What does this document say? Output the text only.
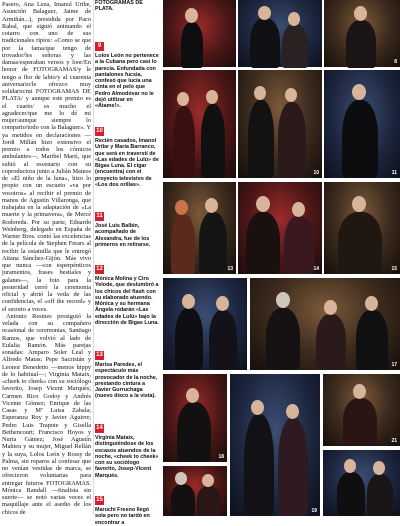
Pasero, Ana Leza, Imanol Uribe, Asunción Balaguer, Jaime de Armiñán...), presidida por Paco Rabal, que siguió animando el cotarro con uno de sus tradicionales ripios: «Como se que por la fama/que tengo de trovador/les señoras y las damas/esperaban versos y loor/En honor de FOTOGRAMAS/y le tengo a flor de labio/y al cuarenta aniversario/le ofrezco muy solidario/mi FOTOGRAMAS DE PLATA/ y aunque este premio es el cuarto/ es mucho el agradecer/que me lo dé mi mujer/aunque siempre lo comparto/todo con la Balaguer». Y ya metidos en declaraciones —Jordi Millán hizo extensivo el premio a todos los cómicos ambulantes—, Maribel Martí, que subió al escenario con su coproductora junto a Julián Mateos de «El niño de la luna», hizo lo propio con un escueto «va por vosotros» al recibir el premio de manos de Agustín Villaronga, que trabajaba en la adaptación de «La muerte y la primavera», de Mercè Rodoreda. Por su parte, Eduardo Weinberg, delegado en España de Warner Bros. contó las excelencias de la película de Stephen Frears al recibir la estatuilla que le entregó Aitana Sánchez-Gijón. Más vivo que nunca —con esperpénticos juramentos, frases bestiales y galanes—, la foto para la posteridad cerró la ceremonia oficial y abrió la veda de las confidencias, el «off the record» y el secreto a voces.

Antonio Resines prosiguió la velada con su compañero ocasional de ceremonias, Santiago Ramos, que volvió al lado de Eulalia Ramón. Más parejas sonadas: Amparo Soler Leal y Alfredo Matas; Pepe Sacristán y Leonor Benedetto —menos hippy de lo habitual—; Virginia Mataix, «cheek to cheek» con su sociólogo favorito, Josep Vicent Marqués; Carmen Rico Godoy y Andrés Vicente Gómez; Enrique de las Casas y Mª Luisa Zabala; Esperanza Roy y Javier Aguirre; Pedro Luis Trapote y Gisella Bethencourt; Francisco Hoyos y Nuria Gámez; José Agustín Mahieu y su mujer, Miguel Rellán y la suya, Lolos León y Rossy de Palma, sin reparos al confesar que no venían vestidas de marca, se ofrecieron voluntarias para entregar futuros FOTOGRAMAS. Mónica Randall —finalista sin suerte— se notó varias veces el maquillaje ante el asedio de los chicos de

FOTOGRAMAS DE PLATA.
9
Lolos León no pertenece a la Cubana pero casi lo parecía. Enfundada con pantalones fucsia, confesó que lucía una cinta en el pelo que Pedro Almodóvar no le dejó utilizar en «Átame!».
10
Recién casados, Imanol Uribe y María Barranco, que será en traverstí de «Las edades de Lulú» de Bigas Luna. El cigar (encuentra) con el proyecto televisivo de «Los dos orillas».
11
José Luis Balbín, acompañado de Alexandra, fue de los primeros en retirarse.
12
Mónica Molina y Ciro Yelode, que deslumbró a los chicos del flash con su elaborado atuendo. Mónica y su hermana Ángela rodarán «Las edades de Lulú» bajo la dirección de Bigas Luna.
13
Marisa Paredes, el espectáculo más provocador de la noche, prestando cintura a Javier Gurruchaga (nuevo disco a la vista).
14
Virginia Mataix, distinguiéndose de los escasos atuendos de la noche, «cheek to cheek» con su sociólogo favorito, Josep-Vicent Marqués.
15
Maruchi Fresno llegó sola pero no tardó en encontrar a
8
10	11
13	14	15
17
18
19
21
